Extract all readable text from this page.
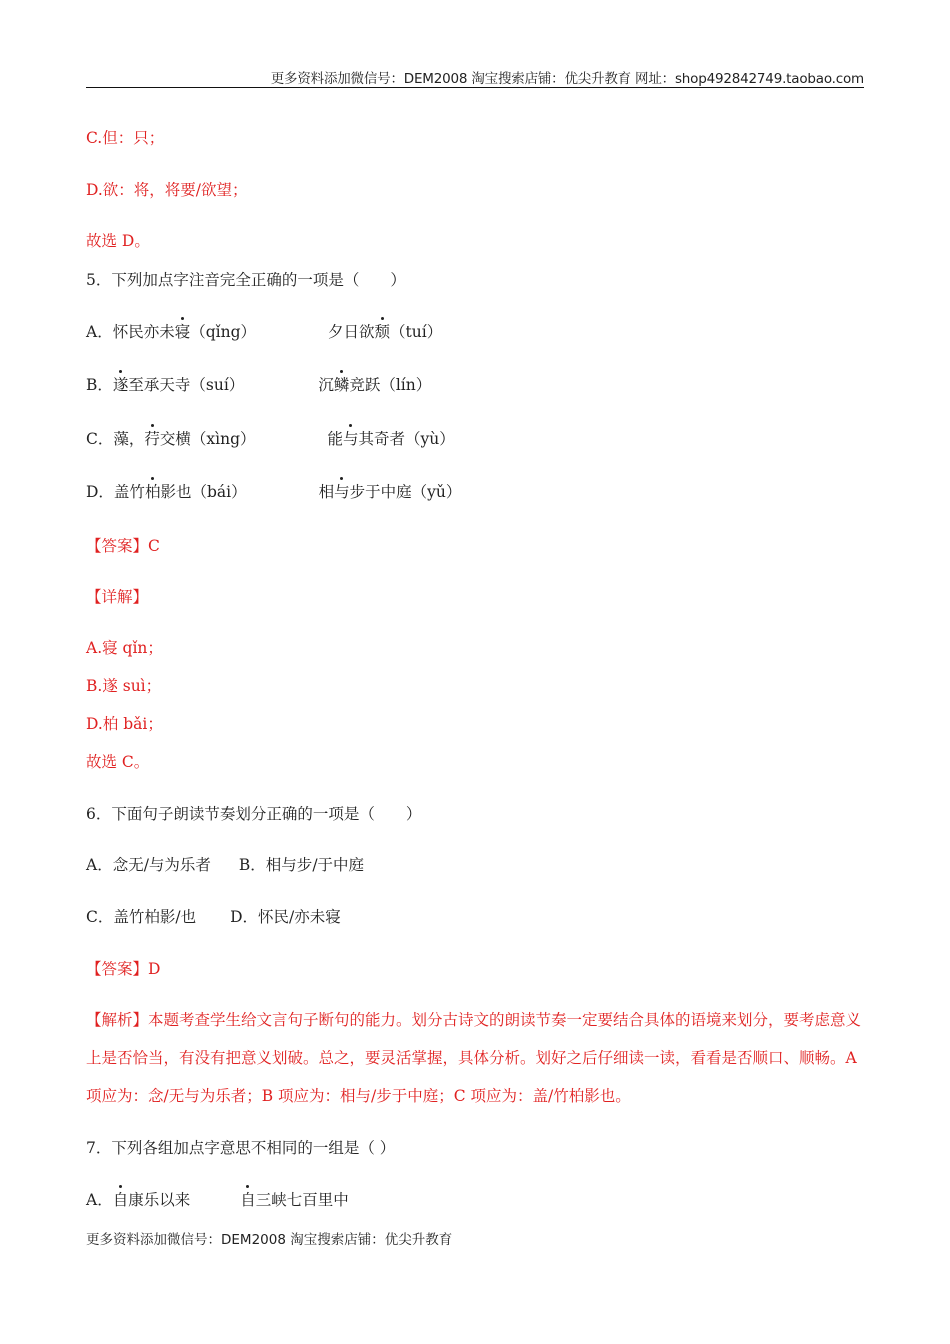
更多资料添加微信号：DEM2008 淘宝搜索店铺：优尖升教育 网址：shop492842749.taobao.com
C.但：只；
D.欲：将，将要/欲望；
故选 D。
5．下列加点字注音完全正确的一项是（　　）
A．怀民亦未寝（qǐng）	夕日欲颓（tuí）
B．遂至承天寺（suí）	沉鳞竞跃（lín）
C．藻，荇交横（xìng）	能与其奇者（yù）
D．盖竹柏影也（bái）	相与步于中庭（yǔ）
【答案】C
【详解】
A.寝 qǐn；
B.遂 suì；
D.柏 bǎi；
故选 C。
6．下面句子朗读节奏划分正确的一项是（　　）
A．念无/与为乐者 B．相与步/于中庭
C．盖竹柏影/也 D．怀民/亦未寝
【答案】D
【解析】本题考查学生给文言句子断句的能力。划分古诗文的朗读节奏一定要结合具体的语境来划分，要考虑意义上是否恰当，有没有把意义划破。总之，要灵活掌握，具体分析。划好之后仔细读一读，看看是否顺口、顺畅。A 项应为：念/无与为乐者；B 项应为：相与/步于中庭；C 项应为：盖/竹柏影也。
7．下列各组加点字意思不相同的一组是（ ）
A．自康乐以来	自三峡七百里中
更多资料添加微信号：DEM2008 淘宝搜索店铺：优尖升教育
